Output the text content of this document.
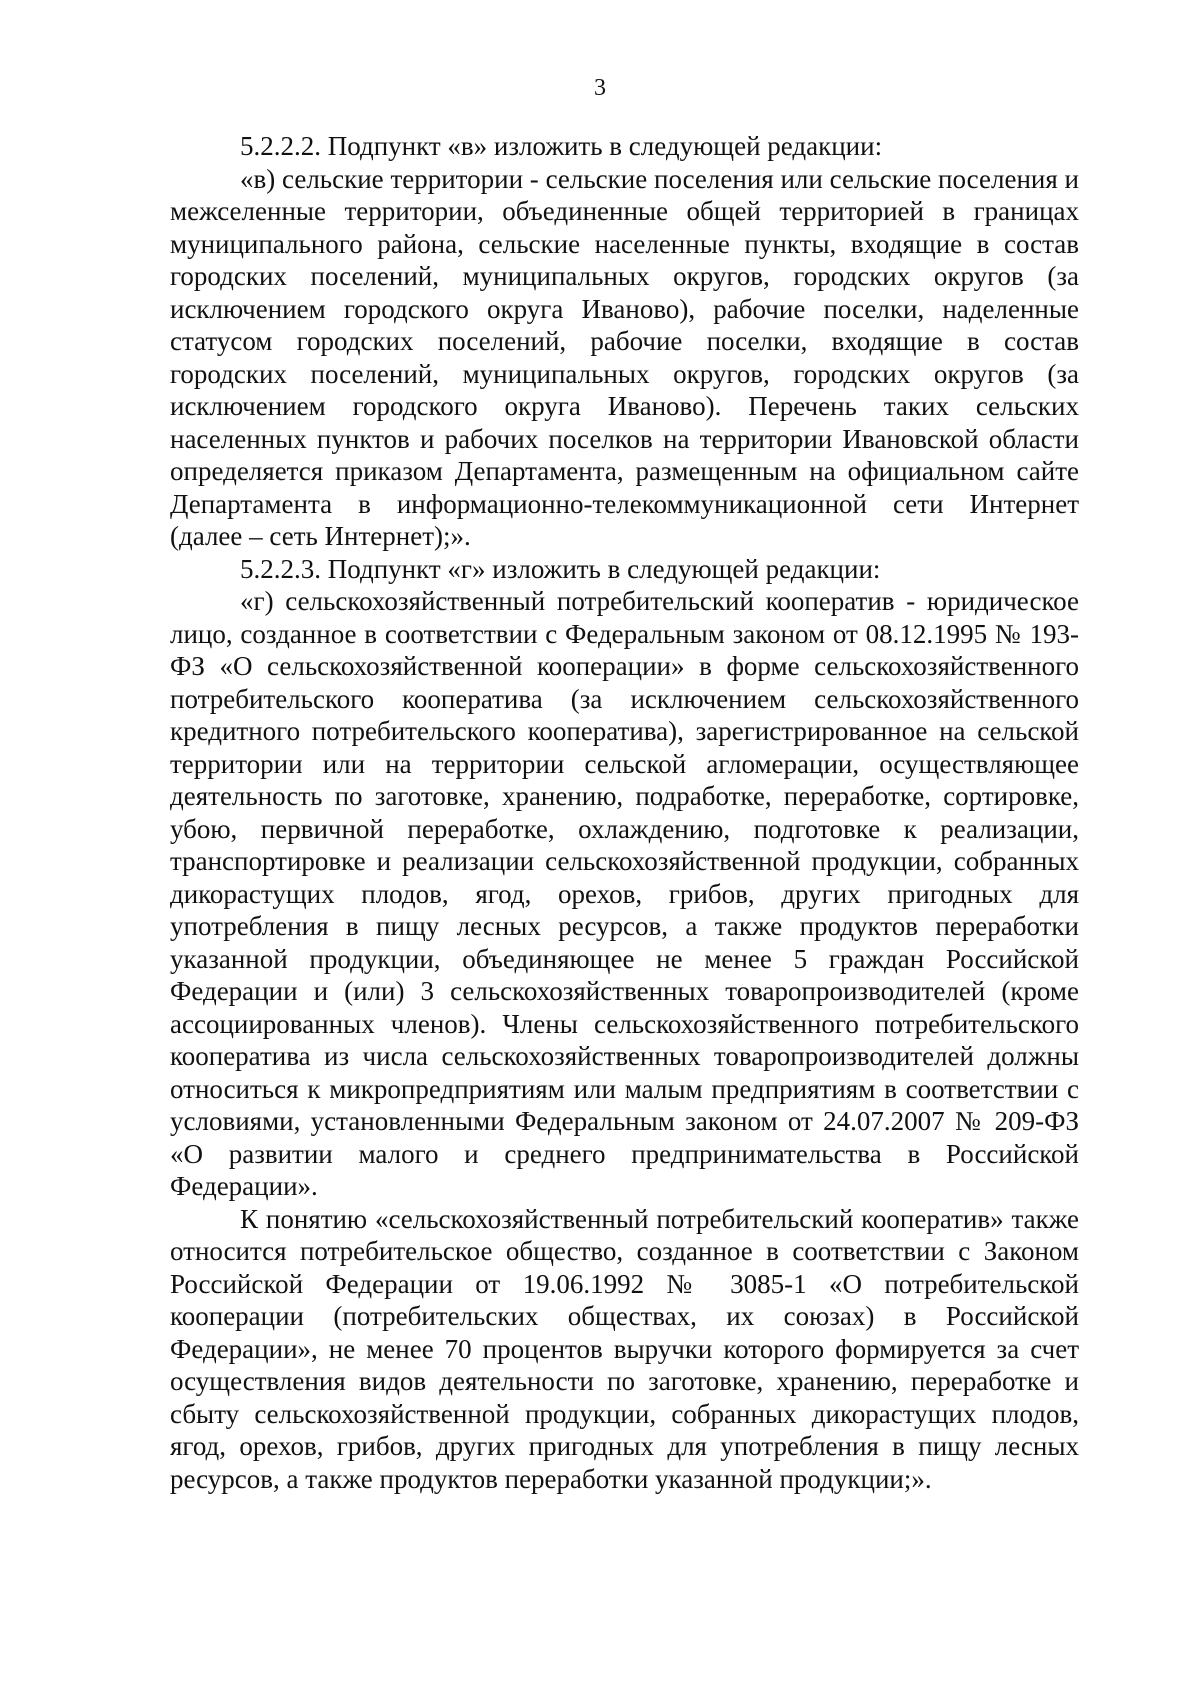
3

5.2.2.2. Подпункт «в» изложить в следующей редакции:

«в) сельские территории - сельские поселения или сельские поселения и межселенные территории, объединенные общей территорией в границах муниципального района, сельские населенные пункты, входящие в состав городских поселений, муниципальных округов, городских округов (за исключением городского округа Иваново), рабочие поселки, наделенные статусом городских поселений, рабочие поселки, входящие в состав городских поселений, муниципальных округов, городских округов (за исключением городского округа Иваново). Перечень таких сельских населенных пунктов и рабочих поселков на территории Ивановской области определяется приказом Департамента, размещенным на официальном сайте Департамента в информационно-телекоммуникационной сети Интернет (далее – сеть Интернет);».

5.2.2.3. Подпункт «г» изложить в следующей редакции:

«г) сельскохозяйственный потребительский кооператив - юридическое лицо, созданное в соответствии с Федеральным законом от 08.12.1995 № 193-ФЗ «О сельскохозяйственной кооперации» в форме сельскохозяйственного потребительского кооператива (за исключением сельскохозяйственного кредитного потребительского кооператива), зарегистрированное на сельской территории или на территории сельской агломерации, осуществляющее деятельность по заготовке, хранению, подработке, переработке, сортировке, убою, первичной переработке, охлаждению, подготовке к реализации, транспортировке и реализации сельскохозяйственной продукции, собранных дикорастущих плодов, ягод, орехов, грибов, других пригодных для употребления в пищу лесных ресурсов, а также продуктов переработки указанной продукции, объединяющее не менее 5 граждан Российской Федерации и (или) 3 сельскохозяйственных товаропроизводителей (кроме ассоциированных членов). Члены сельскохозяйственного потребительского кооператива из числа сельскохозяйственных товаропроизводителей должны относиться к микропредприятиям или малым предприятиям в соответствии с условиями, установленными Федеральным законом от 24.07.2007 № 209-ФЗ «О развитии малого и среднего предпринимательства в Российской Федерации».

К понятию «сельскохозяйственный потребительский кооператив» также относится потребительское общество, созданное в соответствии с Законом Российской Федерации от 19.06.1992 № 3085-1 «О потребительской кооперации (потребительских обществах, их союзах) в Российской Федерации», не менее 70 процентов выручки которого формируется за счет осуществления видов деятельности по заготовке, хранению, переработке и сбыту сельскохозяйственной продукции, собранных дикорастущих плодов, ягод, орехов, грибов, других пригодных для употребления в пищу лесных ресурсов, а также продуктов переработки указанной продукции;».
